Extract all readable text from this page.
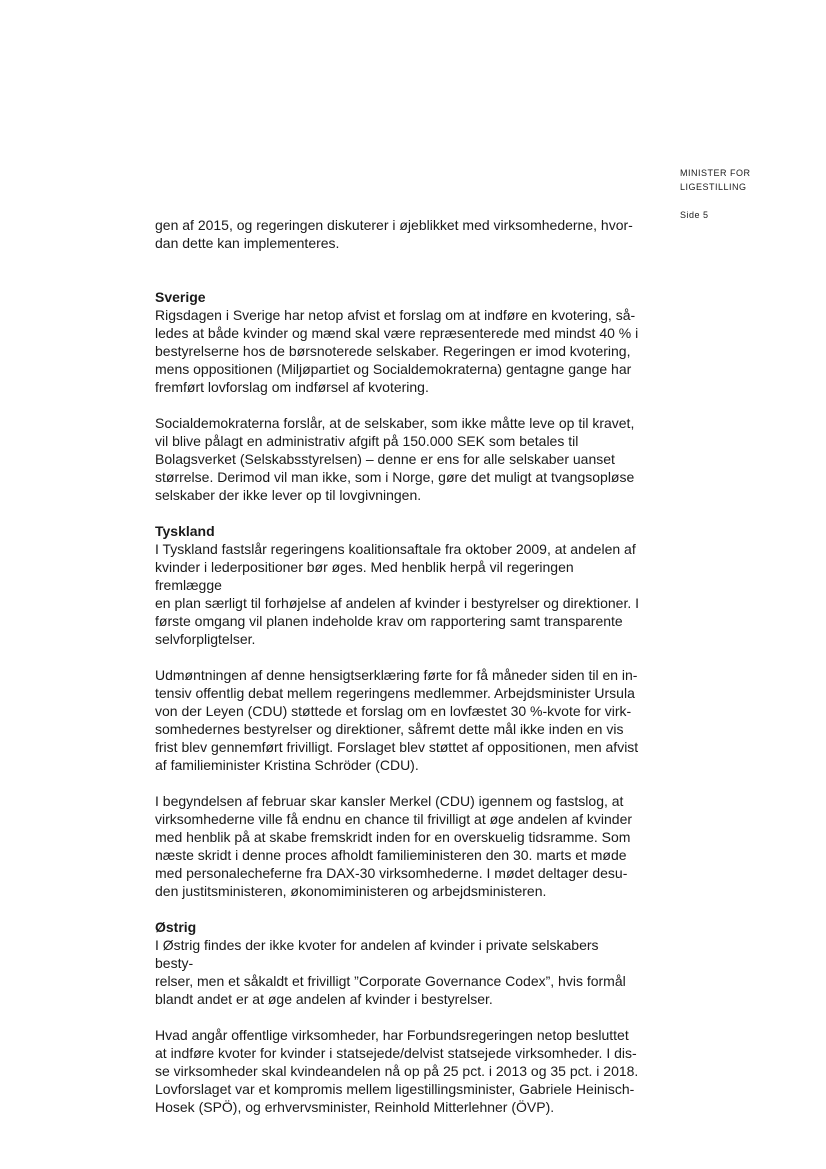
MINISTER FOR
LIGESTILLING
Side 5

gen af 2015, og regeringen diskuterer i øjeblikket med virksomhederne, hvor-
dan dette kan implementeres.

Sverige

Rigsdagen i Sverige har netop afvist et forslag om at indføre en kvotering, så-
ledes at både kvinder og mænd skal være repræsenterede med mindst 40 % i
bestyrelserne hos de børsnoterede selskaber. Regeringen er imod kvotering,
mens oppositionen (Miljøpartiet og Socialdemokraterna) gentagne gange har
fremført lovforslag om indførsel af kvotering.

Socialdemokraterna forslår, at de selskaber, som ikke måtte leve op til kravet,
vil blive pålagt en administrativ afgift på 150.000 SEK som betales til
Bolagsverket (Selskabsstyrelsen) – denne er ens for alle selskaber uanset
størrelse. Derimod vil man ikke, som i Norge, gøre det muligt at tvangsopløse
selskaber der ikke lever op til lovgivningen.

Tyskland

I Tyskland fastslår regeringens koalitionsaftale fra oktober 2009, at andelen af
kvinder i lederpositioner bør øges. Med henblik herpå vil regeringen fremlægge
en plan særligt til forhøjelse af andelen af kvinder i bestyrelser og direktioner. I
første omgang vil planen indeholde krav om rapportering samt transparente
selvforpligtelser.

Udmøntningen af denne hensigtserklæring førte for få måneder siden til en in-
tensiv offentlig debat mellem regeringens medlemmer. Arbejdsminister Ursula
von der Leyen (CDU) støttede et forslag om en lovfæstet 30 %-kvote for virk-
somhedernes bestyrelser og direktioner, såfremt dette mål ikke inden en vis
frist blev gennemført frivilligt. Forslaget blev støttet af oppositionen, men afvist
af familieminister Kristina Schröder (CDU).

I begyndelsen af februar skar kansler Merkel (CDU) igennem og fastslog, at
virksomhederne ville få endnu en chance til frivilligt at øge andelen af kvinder
med henblik på at skabe fremskridt inden for en overskuelig tidsramme. Som
næste skridt i denne proces afholdt familieministeren den 30. marts et møde
med personalecheferne fra DAX-30 virksomhederne. I mødet deltager desu-
den justitsministeren, økonomiministeren og arbejdsministeren.

Østrig

I Østrig findes der ikke kvoter for andelen af kvinder i private selskabers besty-
relser, men et såkaldt et frivilligt ”Corporate Governance Codex”, hvis formål
blandt andet er at øge andelen af kvinder i bestyrelser.

Hvad angår offentlige virksomheder, har Forbundsregeringen netop besluttet
at indføre kvoter for kvinder i statsejede/delvist statsejede virksomheder. I dis-
se virksomheder skal kvindeandelen nå op på 25 pct. i 2013 og 35 pct. i 2018.
Lovforslaget var et kompromis mellem ligestillingsminister, Gabriele Heinisch-
Hosek (SPÖ), og erhvervsminister, Reinhold Mitterlehner (ÖVP).
